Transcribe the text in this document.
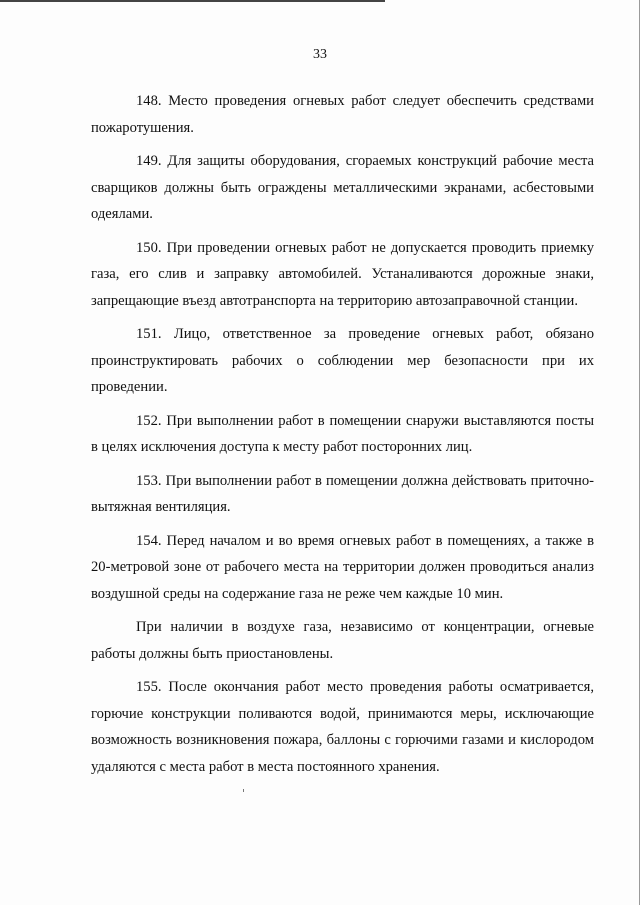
33

148. Место проведения огневых работ следует обеспечить средствами пожаротушения.

149. Для защиты оборудования, сгораемых конструкций рабочие места сварщиков должны быть ограждены металлическими экранами, асбестовыми одеялами.

150. При проведении огневых работ не допускается проводить приемку газа, его слив и заправку автомобилей. Устаналиваются дорожные знаки, запрещающие въезд автотранспорта на территорию автозаправочной станции.

151. Лицо, ответственное за проведение огневых работ, обязано проинструктировать рабочих о соблюдении мер безопасности при их проведении.

152. При выполнении работ в помещении снаружи выставляются посты в целях исключения доступа к месту работ посторонних лиц.

153. При выполнении работ в помещении должна действовать приточно-вытяжная вентиляция.

154. Перед началом и во время огневых работ в помещениях, а также в 20-метровой зоне от рабочего места на территории должен проводиться анализ воздушной среды на содержание газа не реже чем каждые 10 мин.

При наличии в воздухе газа, независимо от концентрации, огневые работы должны быть приостановлены.

155. После окончания работ место проведения работы осматривается, горючие конструкции поливаются водой, принимаются меры, исключающие возможность возникновения пожара, баллоны с горючими газами и кислородом удаляются с места работ в места постоянного хранения.
